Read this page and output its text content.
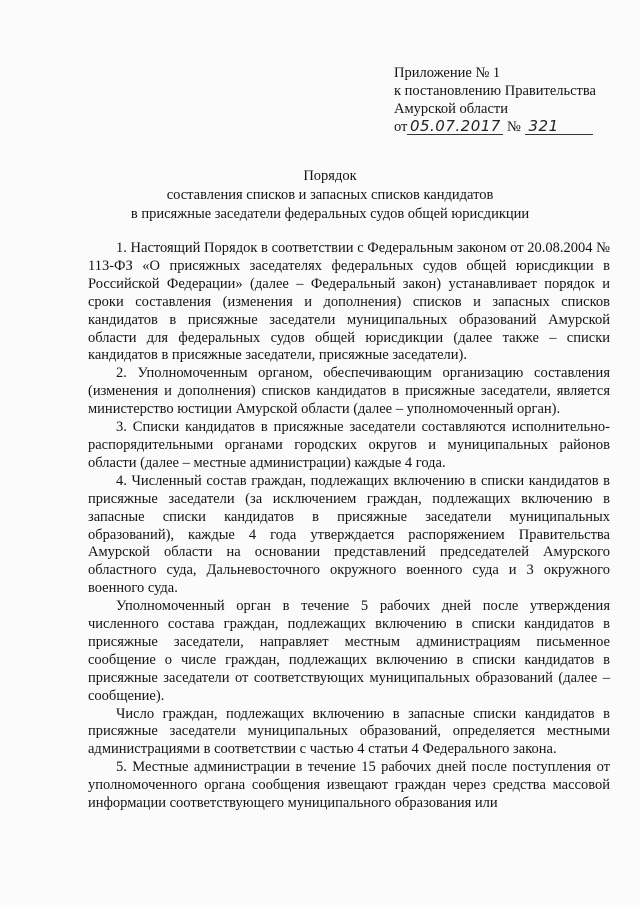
Приложение № 1
к постановлению Правительства
Амурской области
от 05.07.2017 № 321
Порядок
составления списков и запасных списков кандидатов
в присяжные заседатели федеральных судов общей юрисдикции

1. Настоящий Порядок в соответствии с Федеральным законом от 20.08.2004 № 113-ФЗ «О присяжных заседателях федеральных судов общей юрисдикции в Российской Федерации» (далее – Федеральный закон) устанавливает порядок и сроки составления (изменения и дополнения) списков и запасных списков кандидатов в присяжные заседатели муниципальных образований Амурской области для федеральных судов общей юрисдикции (далее также – списки кандидатов в присяжные заседатели, присяжные заседатели).

2. Уполномоченным органом, обеспечивающим организацию составления (изменения и дополнения) списков кандидатов в присяжные заседатели, является министерство юстиции Амурской области (далее – уполномоченный орган).

3. Списки кандидатов в присяжные заседатели составляются исполнительно-распорядительными органами городских округов и муниципальных районов области (далее – местные администрации) каждые 4 года.

4. Численный состав граждан, подлежащих включению в списки кандидатов в присяжные заседатели (за исключением граждан, подлежащих включению в запасные списки кандидатов в присяжные заседатели муниципальных образований), каждые 4 года утверждается распоряжением Правительства Амурской области на основании представлений председателей Амурского областного суда, Дальневосточного окружного военного суда и 3 окружного военного суда.

Уполномоченный орган в течение 5 рабочих дней после утверждения численного состава граждан, подлежащих включению в списки кандидатов в присяжные заседатели, направляет местным администрациям письменное сообщение о числе граждан, подлежащих включению в списки кандидатов в присяжные заседатели от соответствующих муниципальных образований (далее – сообщение).

Число граждан, подлежащих включению в запасные списки кандидатов в присяжные заседатели муниципальных образований, определяется местными администрациями в соответствии с частью 4 статьи 4 Федерального закона.

5. Местные администрации в течение 15 рабочих дней после поступления от уполномоченного органа сообщения извещают граждан через средства массовой информации соответствующего муниципального образования или
